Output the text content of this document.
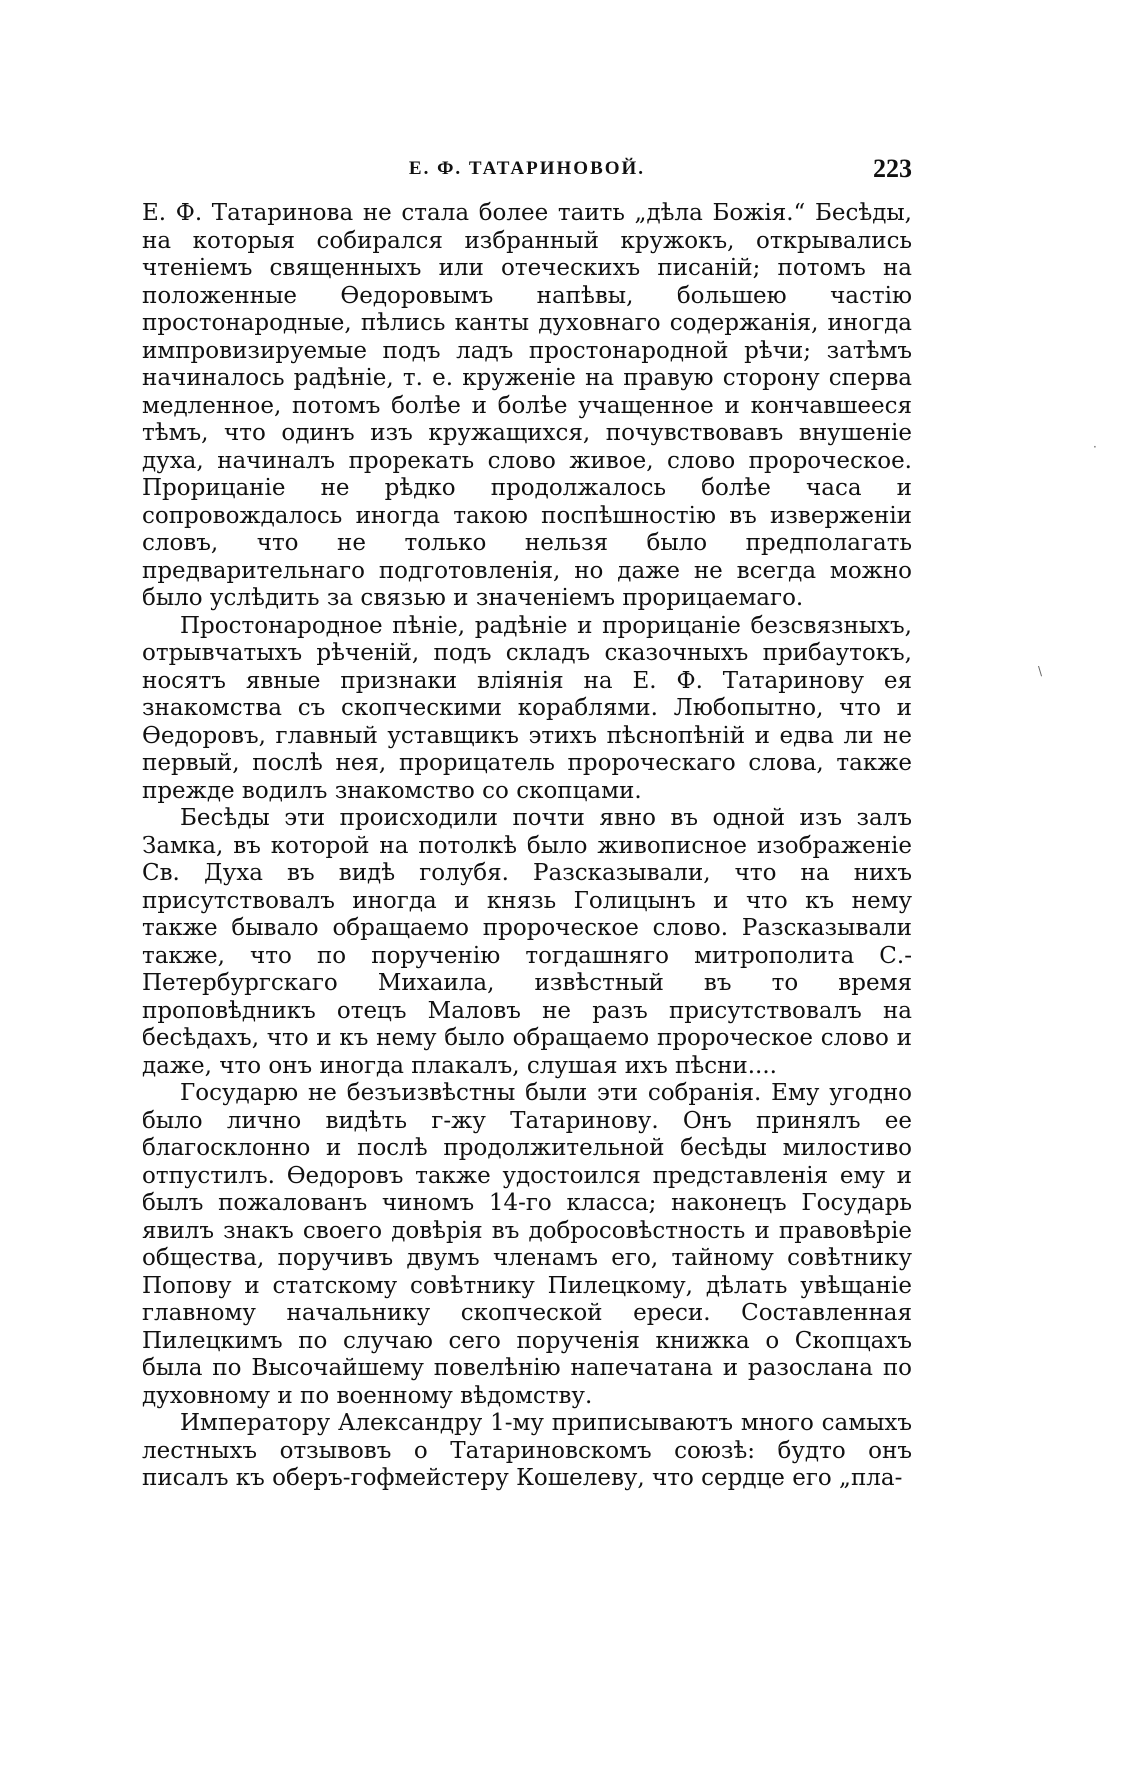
Е. Ф. ТАТАРИНОВОЙ.	223

Е. Ф. Татаринова не стала более таить „дѣла Божія.“ Бесѣды, на которыя собирался избранный кружокъ, открывались чтеніемъ священныхъ или отеческихъ писаній; потомъ на положенные Ѳедоровымъ напѣвы, большею частію простонародные, пѣлись канты духовнаго содержанія, иногда импровизируемые подъ ладъ простонародной рѣчи; затѣмъ начиналось радѣніе, т. е. круженіе на правую сторону сперва медленное, потомъ болѣе и болѣе учащенное и кончавшееся тѣмъ, что одинъ изъ кружащихся, почувствовавъ внушеніе духа, начиналъ прорекать слово живое, слово пророческое. Прорицаніе не рѣдко продолжалось болѣе часа и сопровождалось иногда такою поспѣшностію въ изверженіи словъ, что не только нельзя было предполагать предварительнаго подготовленія, но даже не всегда можно было услѣдить за связью и значеніемъ прорицаемаго.

Простонародное пѣніе, радѣніе и прорицаніе безсвязныхъ, отрывчатыхъ рѣченій, подъ складъ сказочныхъ прибаутокъ, носятъ явные признаки вліянія на Е. Ф. Татаринову ея знакомства съ скопческими кораблями. Любопытно, что и Ѳедоровъ, главный уставщикъ этихъ пѣснопѣній и едва ли не первый, послѣ нея, прорицатель пророческаго слова, также прежде водилъ знакомство со скопцами.

Бесѣды эти происходили почти явно въ одной изъ залъ Замка, въ которой на потолкѣ было живописное изображеніе Св. Духа въ видѣ голубя. Разсказывали, что на нихъ присутствовалъ иногда и князь Голицынъ и что къ нему также бывало обращаемо пророческое слово. Разсказывали также, что по порученію тогдашняго митрополита С.-Петербургскаго Михаила, извѣстный въ то время проповѣдникъ отецъ Маловъ не разъ присутствовалъ на бесѣдахъ, что и къ нему было обращаемо пророческое слово и даже, что онъ иногда плакалъ, слушая ихъ пѣсни....

Государю не безъизвѣстны были эти собранія. Ему угодно было лично видѣть г-жу Татаринову. Онъ принялъ ее благосклонно и послѣ продолжительной бесѣды милостиво отпустилъ. Ѳедоровъ также удостоился представленія ему и былъ пожалованъ чиномъ 14-го класса; наконецъ Государь явилъ знакъ своего довѣрія въ добросовѣстность и правовѣріе общества, поручивъ двумъ членамъ его, тайному совѣтнику Попову и статскому совѣтнику Пилецкому, дѣлать увѣщаніе главному начальнику скопческой ереси. Составленная Пилецкимъ по случаю сего порученія книжка о Скопцахъ была по Высочайшему повелѣнію напечатана и разослана по духовному и по военному вѣдомству.

Императору Александру 1-му приписываютъ много самыхъ лестныхъ отзывовъ о Татариновскомъ союзѣ: будто онъ писалъ къ оберъ-гофмейстеру Кошелеву, что сердце его „пла-

·
\
